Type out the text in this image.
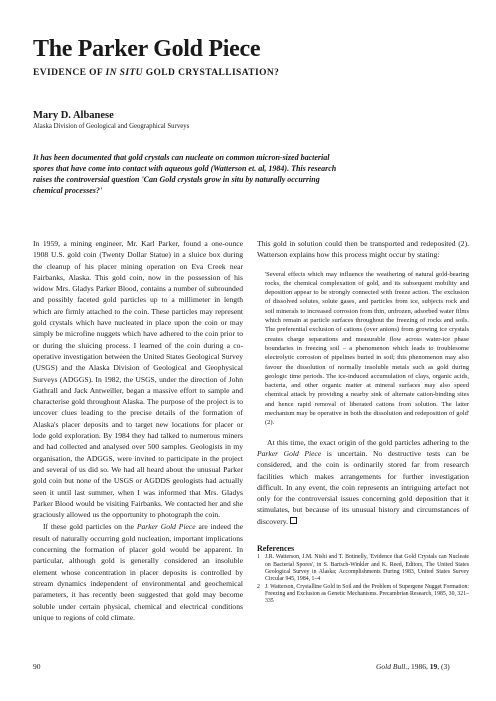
The Parker Gold Piece
EVIDENCE OF IN SITU GOLD CRYSTALLISATION?
Mary D. Albanese
Alaska Division of Geological and Geographical Surveys
It has been documented that gold crystals can nucleate on common micron-sized bacterial spores that have come into contact with aqueous gold (Watterson et. al, 1984). This research raises the controversial question 'Can Gold crystals grow in situ by naturally occurring chemical processes?'

In 1959, a mining engineer, Mr. Karl Parker, found a one-ounce 1908 U.S. gold coin (Twenty Dollar Statue) in a sluice box during the cleanup of his placer mining operation on Eva Creek near Fairbanks, Alaska. This gold coin, now in the possession of his widow Mrs. Gladys Parker Blood, contains a number of subrounded and possibly faceted gold particles up to a millimeter in length which are firmly attached to the coin. These particles may represent gold crystals which have nucleated in place upon the coin or may simply be microfine nuggets which have adhered to the coin prior to or during the sluicing process. I learned of the coin during a co-operative investigation between the United States Geological Survey (USGS) and the Alaska Division of Geological and Geophysical Surveys (ADGGS). In 1982, the USGS, under the direction of John Gathrall and Jack Antweiller, began a massive effort to sample and characterise gold throughout Alaska. The purpose of the project is to uncover clues leading to the precise details of the formation of Alaska's placer deposits and to target new locations for placer or lode gold exploration. By 1984 they had talked to numerous miners and had collected and analysed over 500 samples. Geologists in my organisation, the ADGGS, were invited to participate in the project and several of us did so. We had all heard about the unusual Parker gold coin but none of the USGS or AGDDS geologists had actually seen it until last summer, when I was informed that Mrs. Gladys Parker Blood would be visiting Fairbanks. We contacted her and she graciously allowed us the opportunity to photograph the coin.

If these gold particles on the Parker Gold Piece are indeed the result of naturally occurring gold nucleation, important implications concerning the formation of placer gold would be apparent. In particular, although gold is generally considered an insoluble element whose concentration in placer deposits is controlled by stream dynamics independent of environmental and geochemical parameters, it has recently been suggested that gold may become soluble under certain physical, chemical and electrical conditions unique to regions of cold climate.

This gold in solution could then be transported and redeposited (2). Watterson explains how this process might occur by stating:

'Several effects which may influence the weathering of natural gold-bearing rocks, the chemical complexation of gold, and its subsequent mobility and deposition appear to be strongly connected with freeze action. The exclusion of dissolved solutes, solute gases, and particles from ice, subjects rock and soil minerals to increased corrosion from thin, unfrozen, adsorbed water films which remain at particle surfaces throughout the freezing of rocks and soils. The preferential exclusion of cations (over anions) from growing ice crystals creates charge separations and measurable flow across water-ice phase boundaries in freezing soil – a phenomenon which leads to troublesome electrolytic corrosion of pipelines buried in soil; this phenomenon may also favour the dissolution of normally insoluble metals such as gold during geologic time periods. The ice-induced accumulation of clays, organic acids, bacteria, and other organic matter at mineral surfaces may also speed chemical attack by providing a nearby sink of alternate cation-binding sites and hence rapid removal of liberated cations from solution. The latter mechanism may be operative in both the dissolution and redeposition of gold' (2).

At this time, the exact origin of the gold particles adhering to the Parker Gold Piece is uncertain. No destructive tests can be considered, and the coin is ordinarily stored far from research facilities which makes arrangements for further investigation difficult. In any event, the coin represents an intriguing artefact not only for the controversial issues concerning gold deposition that it stimulates, but because of its unusual history and circumstances of discovery.

References
1 J.R. Watterson, J.M. Nishi and T. Botinelly, 'Evidence that Gold Crystals can Nucleate on Bacterial Spores', in S. Bartsch-Winkler and K. Reed, Editors, The United States Geological Survey in Alaska; Accomplishments During 1983, United States Survey Circular 945, 1984, 1–4
2 J. Watterson, Crystalline Gold in Soil and the Problem of Supergene Nugget Formation: Freezing and Exclusion as Genetic Mechanisms. Precambrian Research, 1985, 30, 321–335
90	Gold Bull., 1986, 19, (3)
